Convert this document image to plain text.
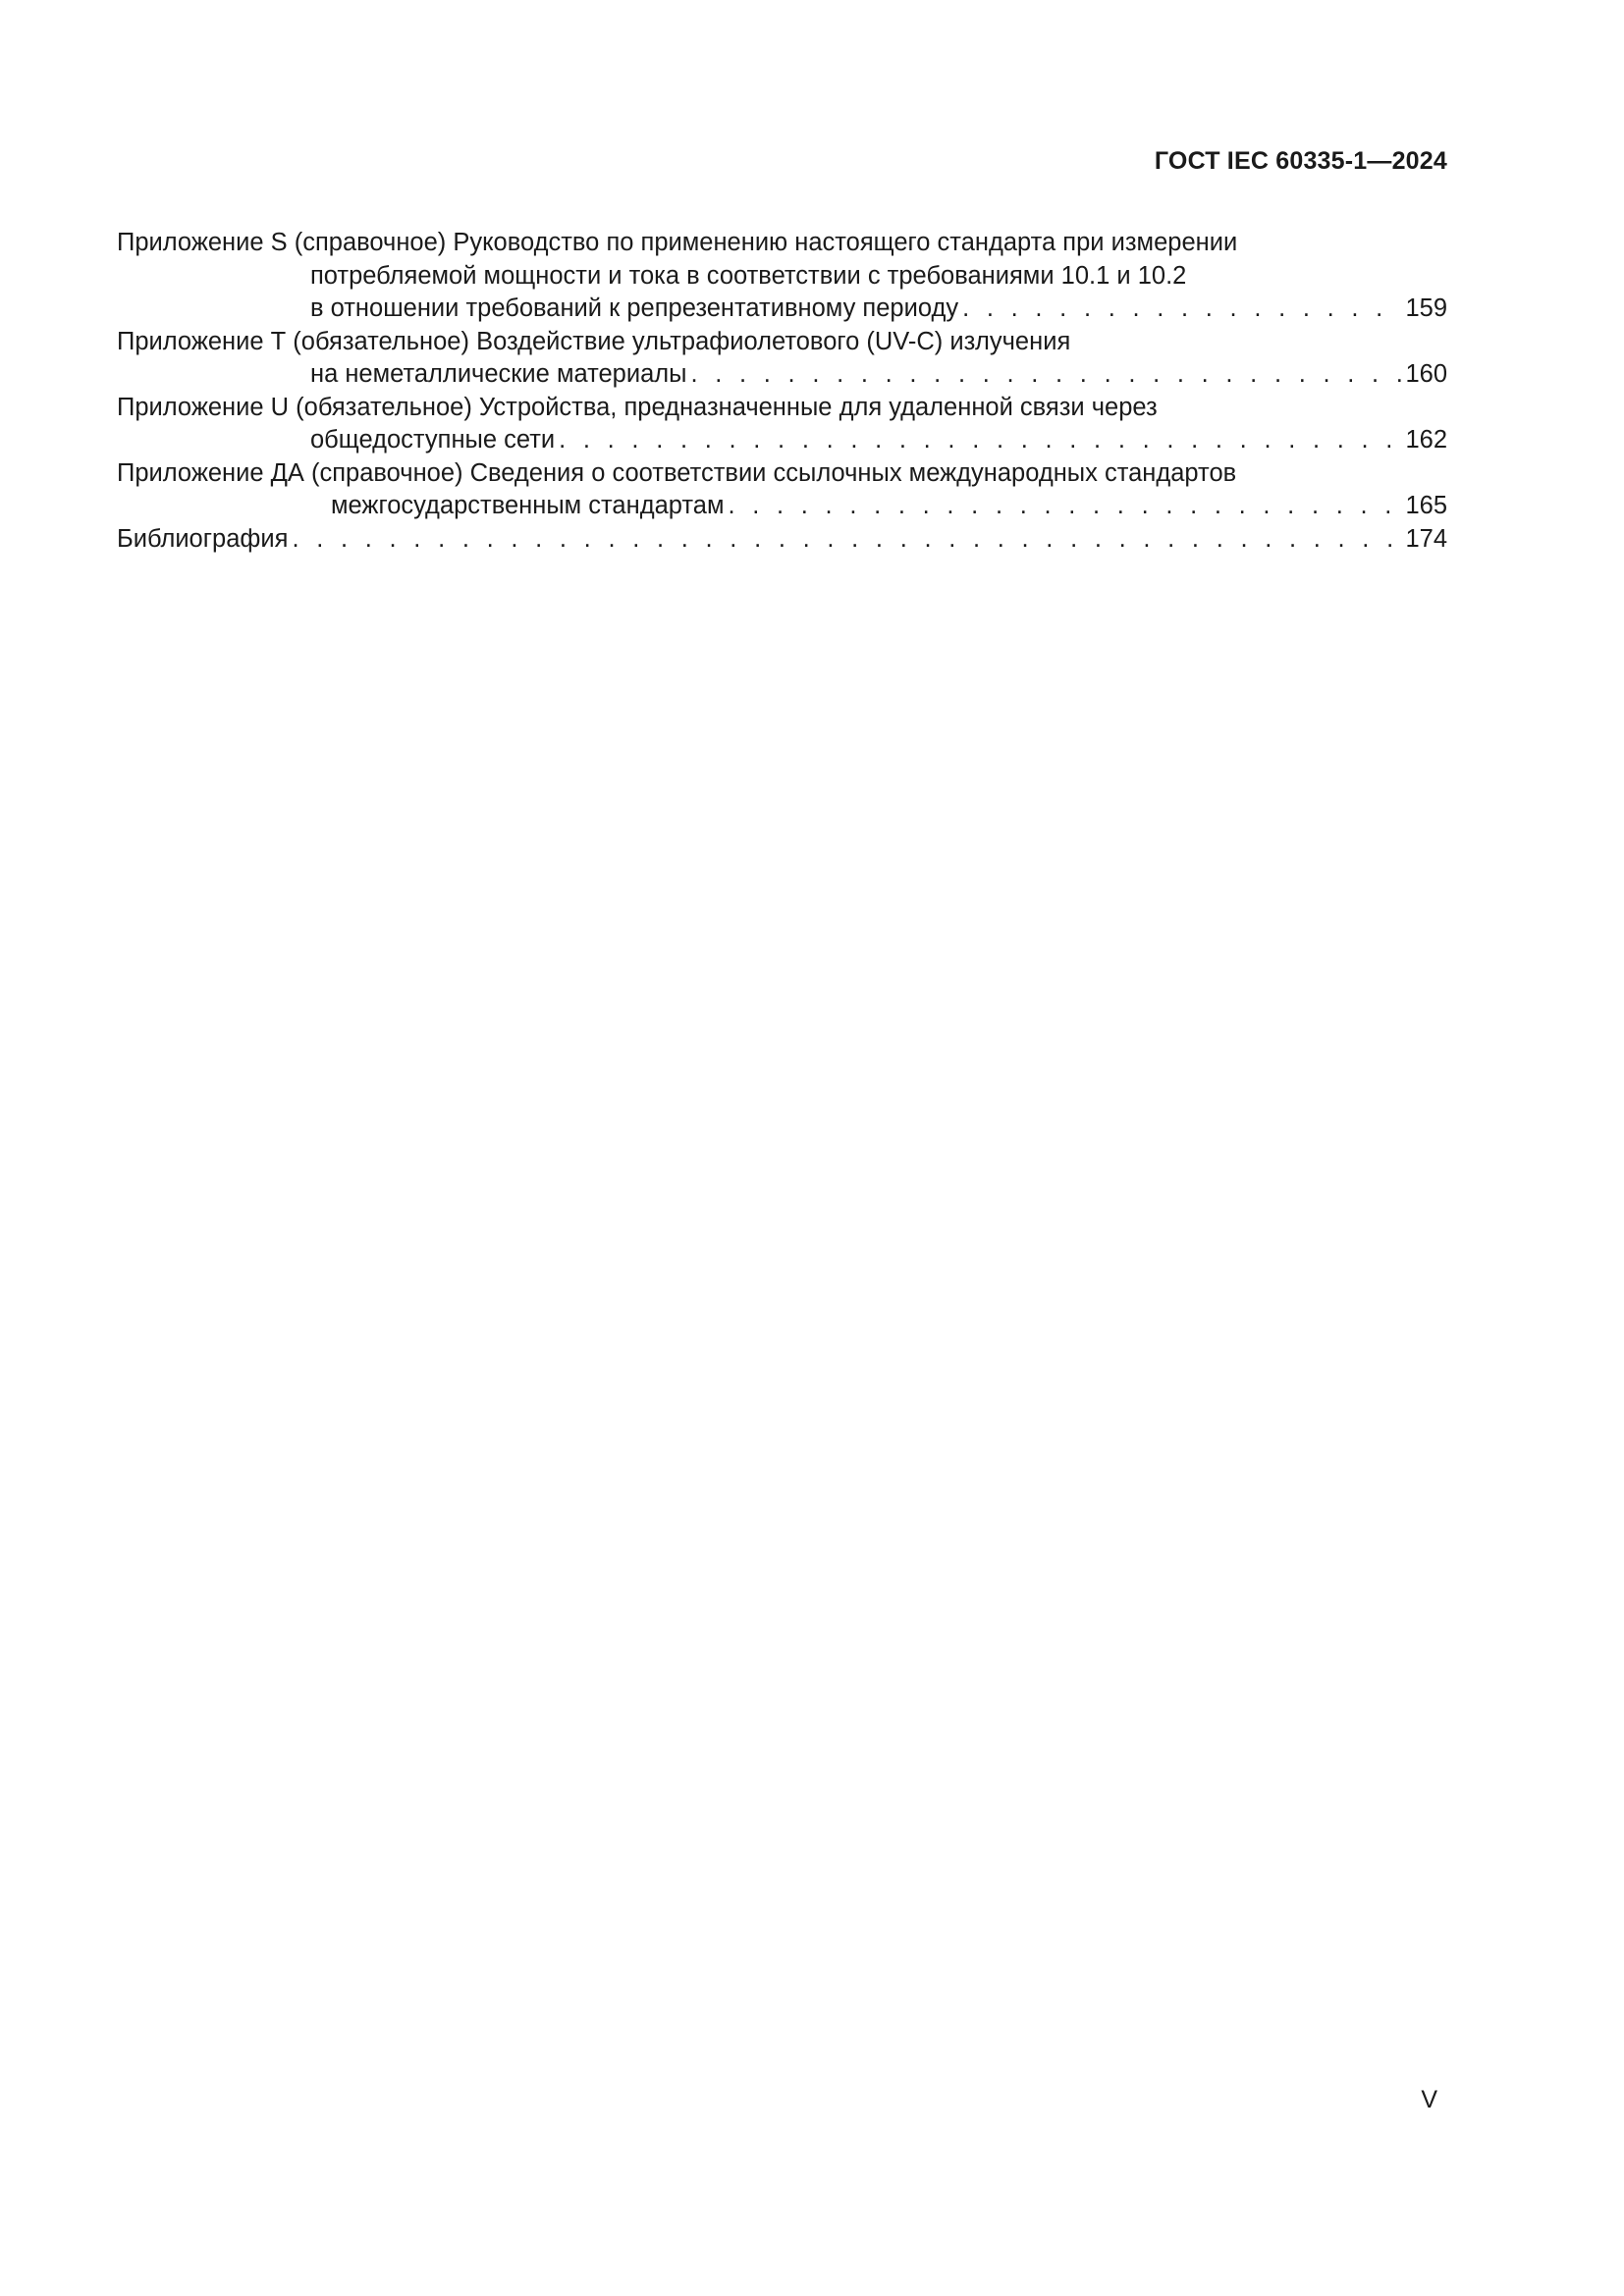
ГОСТ IEC 60335-1—2024
Приложение S (справочное) Руководство по применению настоящего стандарта при измерении
потребляемой мощности и тока в соответствии с требованиями 10.1 и 10.2
в отношении требований к репрезентативному периоду . . .	159
Приложение Т (обязательное) Воздействие ультрафиолетового (UV-C) излучения
на неметаллические материалы . . .	160
Приложение U (обязательное) Устройства, предназначенные для удаленной связи через
общедоступные сети . . .	162
Приложение ДА (справочное) Сведения о соответствии ссылочных международных стандартов
межгосударственным стандартам . . .	165
Библиография . . .	174
V
